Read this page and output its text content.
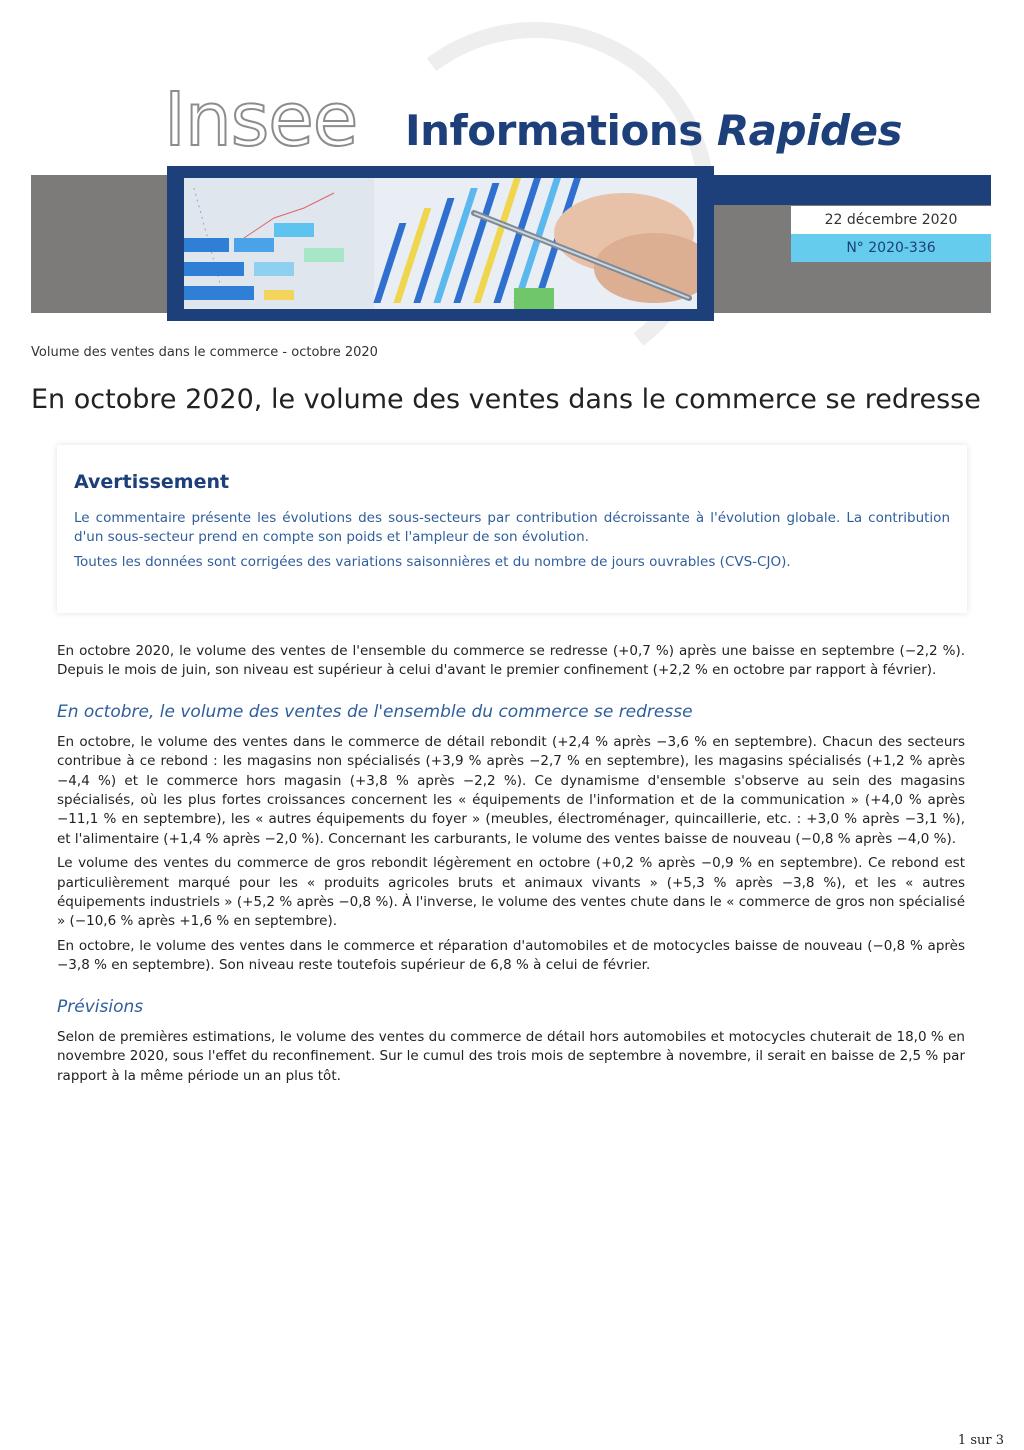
Insee Informations Rapides
22 décembre 2020
N° 2020-336
Volume des ventes dans le commerce - octobre 2020
En octobre 2020, le volume des ventes dans le commerce se redresse
Avertissement

Le commentaire présente les évolutions des sous-secteurs par contribution décroissante à l'évolution globale. La contribution d'un sous-secteur prend en compte son poids et l'ampleur de son évolution.

Toutes les données sont corrigées des variations saisonnières et du nombre de jours ouvrables (CVS-CJO).

En octobre 2020, le volume des ventes de l'ensemble du commerce se redresse (+0,7 %) après une baisse en septembre (−2,2 %). Depuis le mois de juin, son niveau est supérieur à celui d'avant le premier confinement (+2,2 % en octobre par rapport à février).

En octobre, le volume des ventes de l'ensemble du commerce se redresse

En octobre, le volume des ventes dans le commerce de détail rebondit (+2,4 % après −3,6 % en septembre). Chacun des secteurs contribue à ce rebond : les magasins non spécialisés (+3,9 % après −2,7 % en septembre), les magasins spécialisés (+1,2 % après −4,4 %) et le commerce hors magasin (+3,8 % après −2,2 %). Ce dynamisme d'ensemble s'observe au sein des magasins spécialisés, où les plus fortes croissances concernent les « équipements de l'information et de la communication » (+4,0 % après −11,1 % en septembre), les « autres équipements du foyer » (meubles, électroménager, quincaillerie, etc. : +3,0 % après −3,1 %), et l'alimentaire (+1,4 % après −2,0 %). Concernant les carburants, le volume des ventes baisse de nouveau (−0,8 % après −4,0 %).

Le volume des ventes du commerce de gros rebondit légèrement en octobre (+0,2 % après −0,9 % en septembre). Ce rebond est particulièrement marqué pour les « produits agricoles bruts et animaux vivants » (+5,3 % après −3,8 %), et les « autres équipements industriels » (+5,2 % après −0,8 %). À l'inverse, le volume des ventes chute dans le « commerce de gros non spécialisé » (−10,6 % après +1,6 % en septembre).

En octobre, le volume des ventes dans le commerce et réparation d'automobiles et de motocycles baisse de nouveau (−0,8 % après −3,8 % en septembre). Son niveau reste toutefois supérieur de 6,8 % à celui de février.

Prévisions

Selon de premières estimations, le volume des ventes du commerce de détail hors automobiles et motocycles chuterait de 18,0 % en novembre 2020, sous l'effet du reconfinement. Sur le cumul des trois mois de septembre à novembre, il serait en baisse de 2,5 % par rapport à la même période un an plus tôt.

1 sur 3
